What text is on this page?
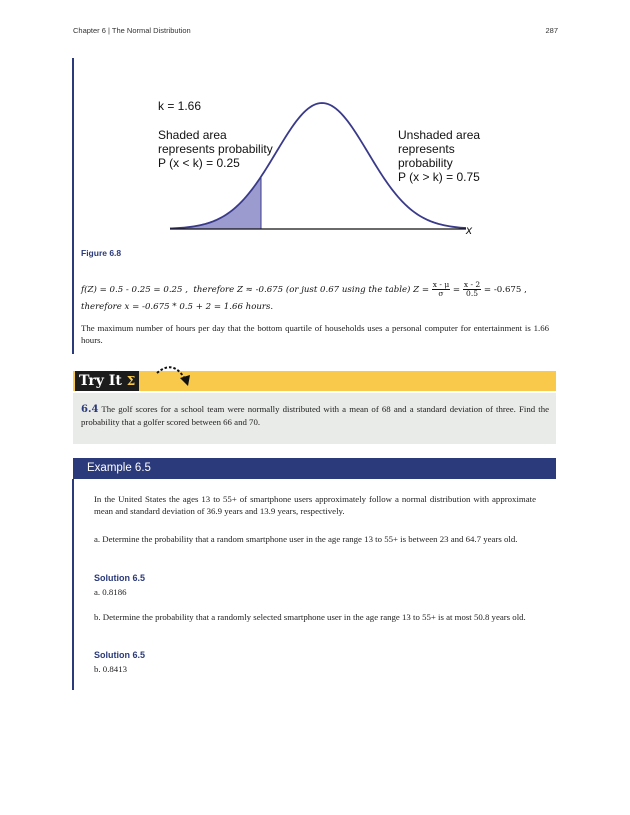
Chapter 6 | The Normal Distribution	287
k = 1.66
Shaded area
represents probability
P (x < k) = 0.25
Unshaded area
represents
probability
P (x > k) = 0.75
x
Figure 6.8
f(Z) = 0.5 - 0.25 = 0.25 , therefore Z ≈ -0.675 (or just 0.67 using the table) $Z = \frac{x - \mu}{\sigma} = \frac{x - 2}{0.5} = -0.675$ ,
therefore x = -0.675 * 0.5 + 2 = 1.66 hours.
The maximum number of hours per day that the bottom quartile of households uses a personal computer for entertainment is 1.66 hours.
Try It Σ
6.4 The golf scores for a school team were normally distributed with a mean of 68 and a standard deviation of three. Find the probability that a golfer scored between 66 and 70.
Example 6.5
In the United States the ages 13 to 55+ of smartphone users approximately follow a normal distribution with approximate mean and standard deviation of 36.9 years and 13.9 years, respectively.
a. Determine the probability that a random smartphone user in the age range 13 to 55+ is between 23 and 64.7 years old.
Solution 6.5
a. 0.8186
b. Determine the probability that a randomly selected smartphone user in the age range 13 to 55+ is at most 50.8 years old.
Solution 6.5
b. 0.8413
